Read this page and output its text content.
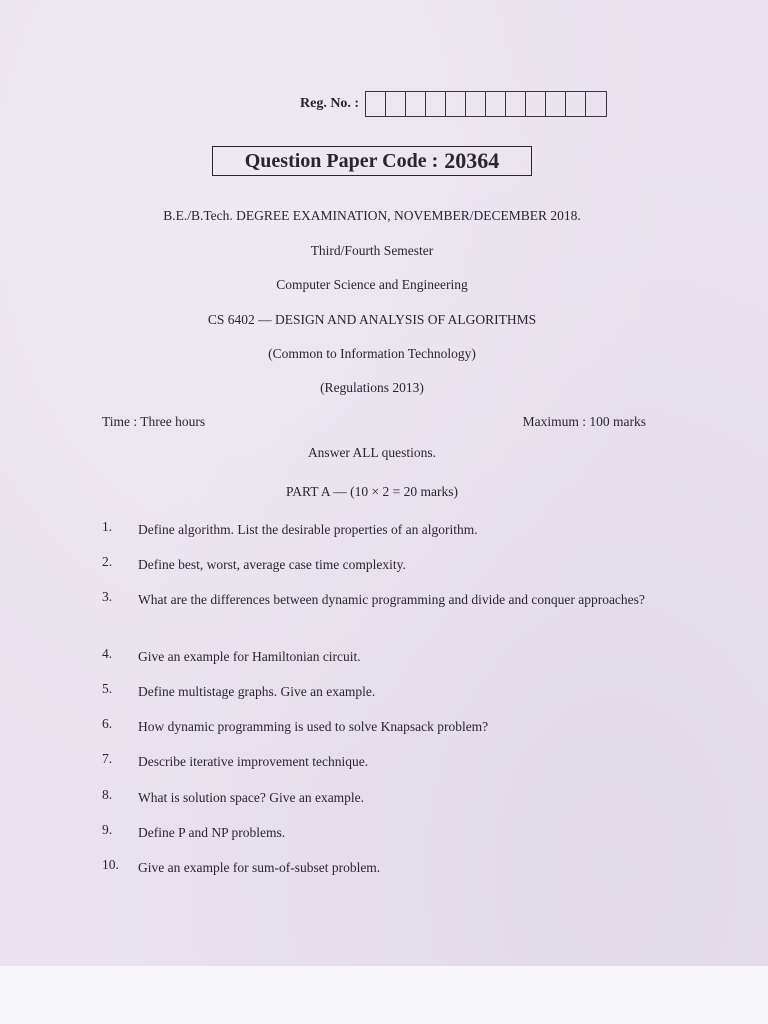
Reg. No. :
Question Paper Code : 20364
B.E./B.Tech. DEGREE EXAMINATION, NOVEMBER/DECEMBER 2018.
Third/Fourth Semester
Computer Science and Engineering
CS 6402 — DESIGN AND ANALYSIS OF ALGORITHMS
(Common to Information Technology)
(Regulations 2013)
Time : Three hours	Maximum : 100 marks
Answer ALL questions.
PART A — (10 × 2 = 20 marks)
1.	Define algorithm. List the desirable properties of an algorithm.
2.	Define best, worst, average case time complexity.
3.	What are the differences between dynamic programming and divide and conquer approaches?
4.	Give an example for Hamiltonian circuit.
5.	Define multistage graphs. Give an example.
6.	How dynamic programming is used to solve Knapsack problem?
7.	Describe iterative improvement technique.
8.	What is solution space? Give an example.
9.	Define P and NP problems.
10.	Give an example for sum-of-subset problem.
